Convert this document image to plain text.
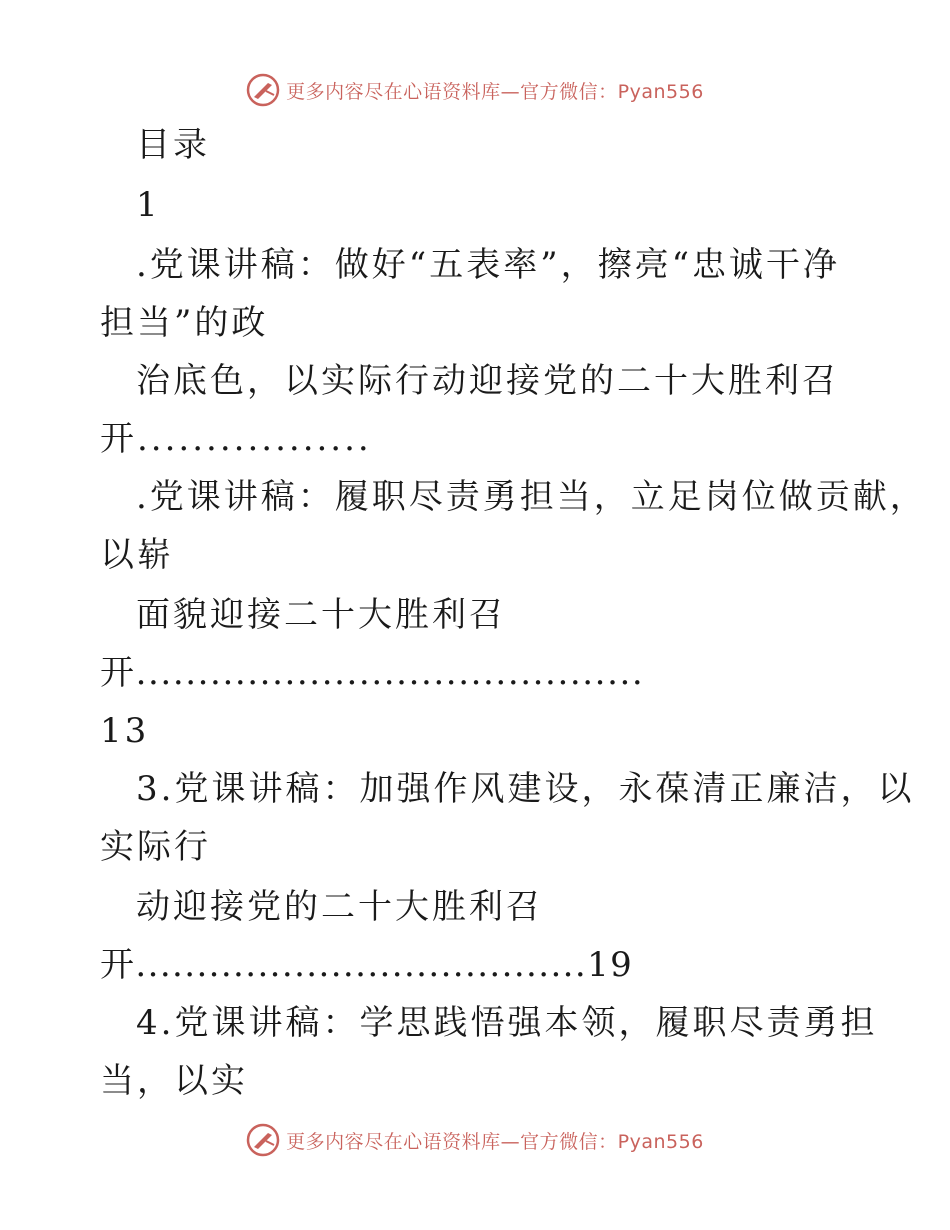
更多内容尽在心语资料库—官方微信：Pyan556
目录
1
.党课讲稿：做好“五表率”，擦亮“忠诚干净
担当”的政
治底色，以实际行动迎接党的二十大胜利召
开.................
.党课讲稿：履职尽责勇担当，立足岗位做贡献，
以崭
面貌迎接二十大胜利召
开.........................................
13
3.党课讲稿：加强作风建设，永葆清正廉洁，以
实际行
动迎接党的二十大胜利召
开.....................................19
4.党课讲稿：学思践悟强本领，履职尽责勇担
当，以实
更多内容尽在心语资料库—官方微信：Pyan556
